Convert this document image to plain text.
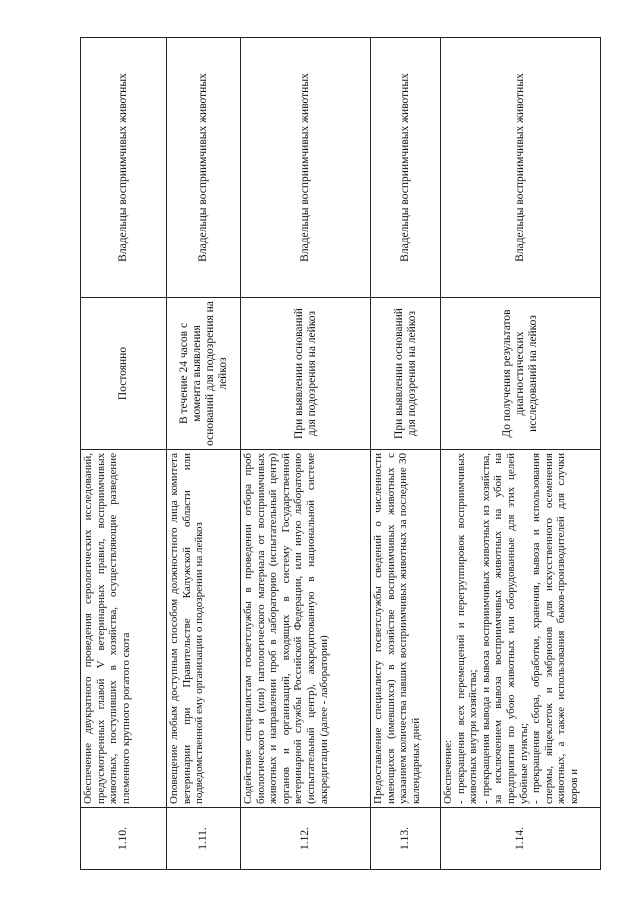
1.10.	Обеспечение двукратного проведения серологических исследований, предусмотренных главой V ветеринарных правил, восприимчивых животных, поступивших в хозяйства, осуществляющие разведение племенного крупного рогатого скота	Постоянно	Владельцы восприимчивых животных
1.11.	Оповещение любым доступным способом должностного лица комитета ветеринарии при Правительстве Калужской области или подведомственной ему организации о подозрении на лейкоз	В течение 24 часов с момента выявления оснований для подозрения на лейкоз	Владельцы восприимчивых животных
1.12.	Содействие специалистам госветслужбы в проведении отбора проб биологического и (или) патологического материала от восприимчивых животных и направлении проб в лабораторию (испытательный центр) органов и организаций, входящих в систему Государственной ветеринарной службы Российской Федерации, или иную лабораторию (испытательный центр), аккредитованную в национальной системе аккредитации (далее - лаборатории)	При выявлении оснований для подозрения на лейкоз	Владельцы восприимчивых животных
1.13.	Предоставление специалисту госветслужбы сведений о численности имеющихся (имевшихся) в хозяйстве восприимчивых животных с указанием количества павших восприимчивых животных за последние 30 календарных дней	При выявлении оснований для подозрения на лейкоз	Владельцы восприимчивых животных
1.14.	Обеспечение: - прекращения всех перемещений и перегруппировок восприимчивых животных внутри хозяйства; - прекращения вывода и вывоза восприимчивых животных из хозяйства, за исключением вывоза восприимчивых животных на убой на предприятия по убою животных или оборудованные для этих целей убойные пункты; - прекращения сбора, обработки, хранения, вывоза и использования спермы, яйцеклеток и эмбрионов для искусственного осеменения животных, а также использования быков-производителей для случки коров и	До получения результатов диагностических исследований на лейкоз	Владельцы восприимчивых животных
